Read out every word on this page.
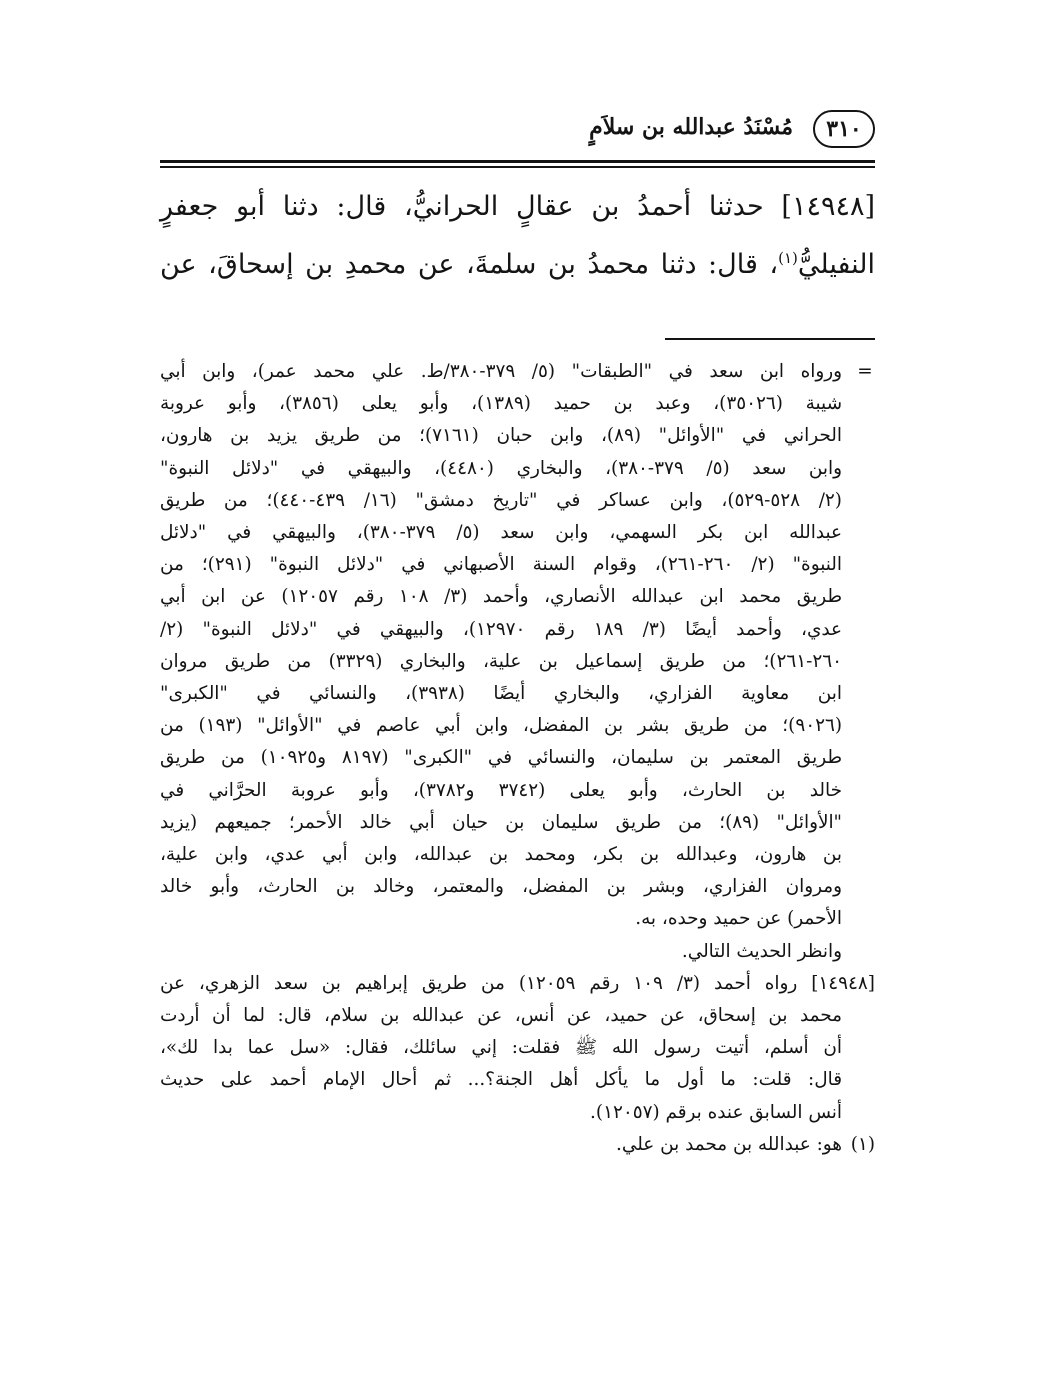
٣١٠
مُسْنَدُ عبدالله بن سلاَمٍ

[١٤٩٤٨] حدثنا أحمدُ بن عقالٍ الحرانيُّ، قال: دثنا أبو جعفرٍ

النفيليُّ$^{(١)}$، قال: دثنا محمدُ بن سلمةَ، عن محمدِ بن إسحاقَ، عن

=
ورواه ابن سعد في "الطبقات" (٥/ ٣٧٩-٣٨٠/ط. علي محمد عمر)، وابن أبي
شيبة (٣٥٠٢٦)، وعبد بن حميد (١٣٨٩)، وأبو يعلى (٣٨٥٦)، وأبو عروبة
الحراني في "الأوائل" (٨٩)، وابن حبان (٧١٦١)؛ من طريق يزيد بن هارون،
وابن سعد (٥/ ٣٧٩-٣٨٠)، والبخاري (٤٤٨٠)، والبيهقي في "دلائل النبوة"
(٢/ ٥٢٨-٥٢٩)، وابن عساكر في "تاريخ دمشق" (١٦/ ٤٣٩-٤٤٠)؛ من طريق
عبدالله ابن بكر السهمي، وابن سعد (٥/ ٣٧٩-٣٨٠)، والبيهقي في "دلائل
النبوة" (٢/ ٢٦٠-٢٦١)، وقوام السنة الأصبهاني في "دلائل النبوة" (٢٩١)؛ من
طريق محمد ابن عبدالله الأنصاري، وأحمد (٣/ ١٠٨ رقم ١٢٠٥٧) عن ابن أبي
عدي، وأحمد أيضًا (٣/ ١٨٩ رقم ١٢٩٧٠)، والبيهقي في "دلائل النبوة" (٢/
٢٦٠-٢٦١)؛ من طريق إسماعيل بن علية، والبخاري (٣٣٢٩) من طريق مروان
ابن معاوية الفزاري، والبخاري أيضًا (٣٩٣٨)، والنسائي في "الكبرى"
(٩٠٢٦)؛ من طريق بشر بن المفضل، وابن أبي عاصم في "الأوائل" (١٩٣) من
طريق المعتمر بن سليمان، والنسائي في "الكبرى" (٨١٩٧ و١٠٩٢٥) من طريق
خالد بن الحارث، وأبو يعلى (٣٧٤٢ و٣٧٨٢)، وأبو عروبة الحرَّاني في
"الأوائل" (٨٩)؛ من طريق سليمان بن حيان أبي خالد الأحمر؛ جميعهم (يزيد
بن هارون، وعبدالله بن بكر، ومحمد بن عبدالله، وابن أبي عدي، وابن علية،
ومروان الفزاري، وبشر بن المفضل، والمعتمر، وخالد بن الحارث، وأبو خالد
الأحمر) عن حميد وحده، به.
وانظر الحديث التالي.
[١٤٩٤٨] رواه أحمد (٣/ ١٠٩ رقم ١٢٠٥٩) من طريق إبراهيم بن سعد الزهري، عن
محمد بن إسحاق، عن حميد، عن أنس، عن عبدالله بن سلام، قال: لما أن أردت
أن أسلم، أتيت رسول الله ﷺ فقلت: إني سائلك، فقال: «سل عما بدا لك»،
قال: قلت: ما أول ما يأكل أهل الجنة؟... ثم أحال الإمام أحمد على حديث
أنس السابق عنده برقم (١٢٠٥٧).
(١)
هو: عبدالله بن محمد بن علي.
